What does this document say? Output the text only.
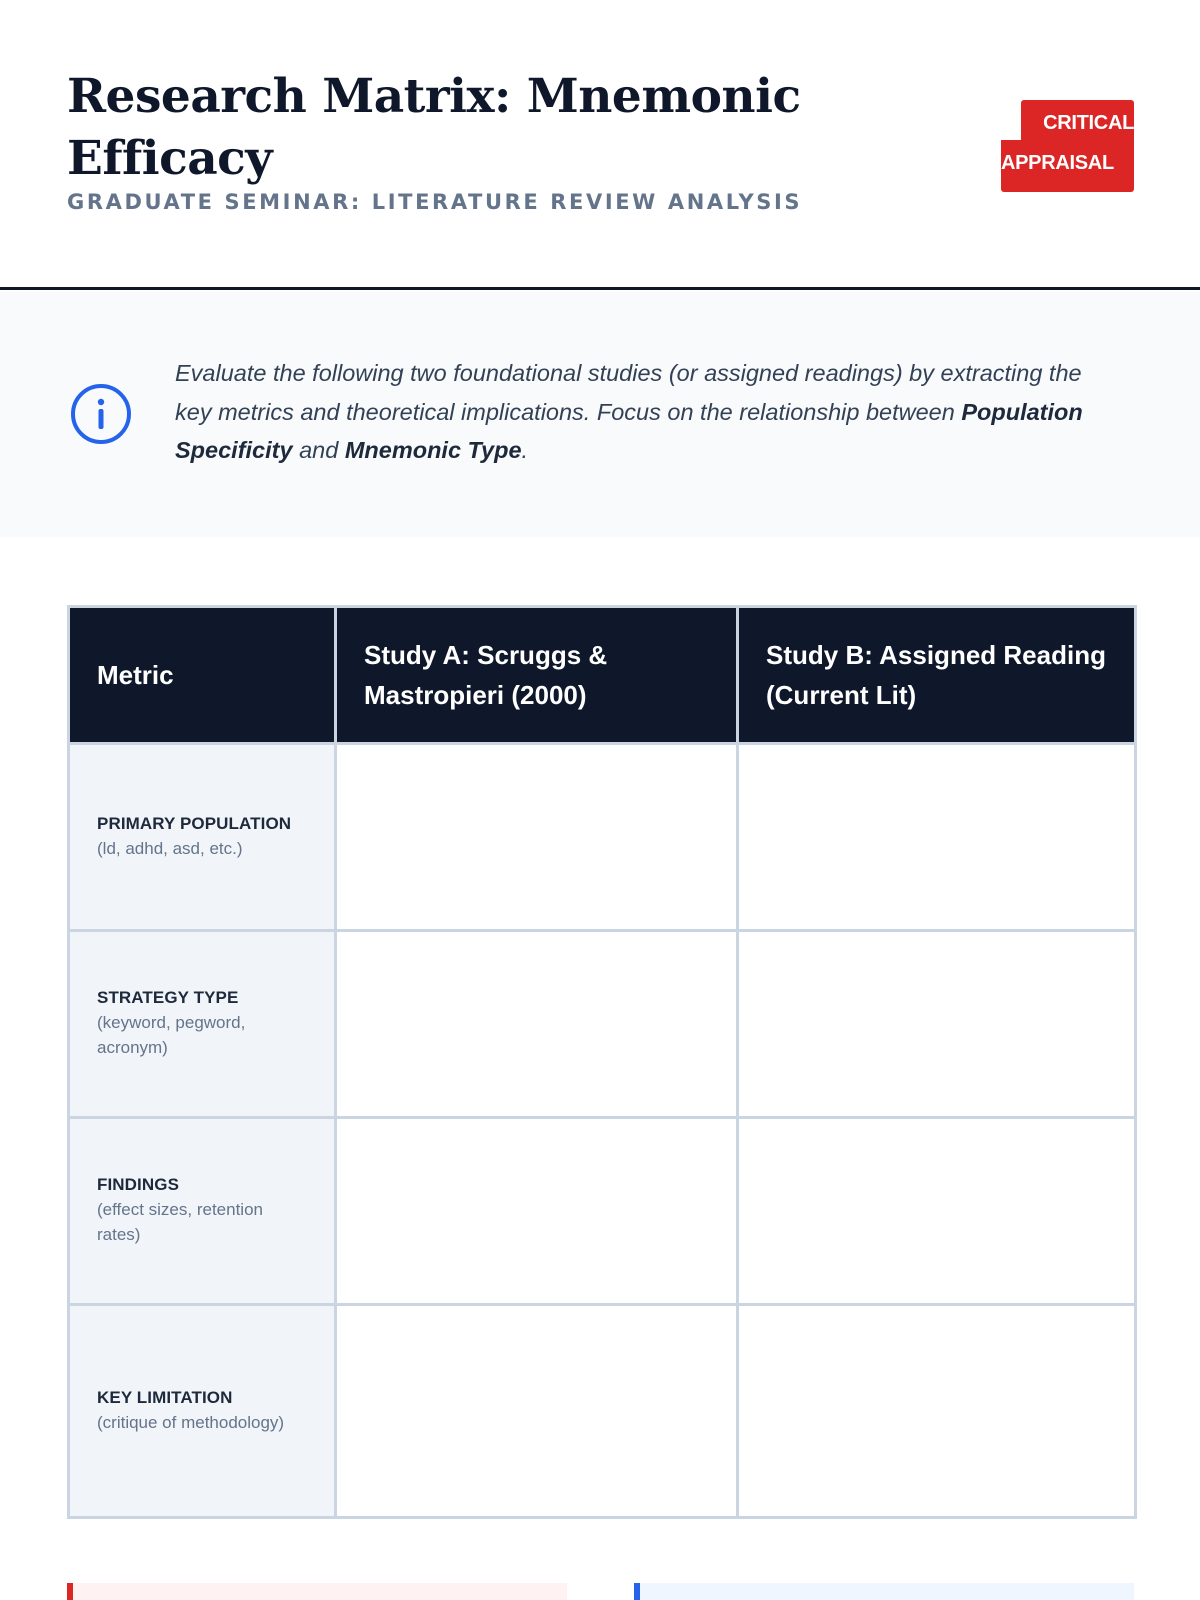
Research Matrix: Mnemonic Efficacy
GRADUATE SEMINAR: LITERATURE REVIEW ANALYSIS
CRITICAL
APPRAISAL

Evaluate the following two foundational studies (or assigned readings) by extracting the key metrics and theoretical implications. Focus on the relationship between Population Specificity and Mnemonic Type.

Metric	Study A: Scruggs & Mastropieri (2000)	Study B: Assigned Reading (Current Lit)

PRIMARY POPULATION
(ld, adhd, asd, etc.)		

STRATEGY TYPE
(keyword, pegword, acronym)		

FINDINGS
(effect sizes, retention rates)		

KEY LIMITATION
(critique of methodology)		
